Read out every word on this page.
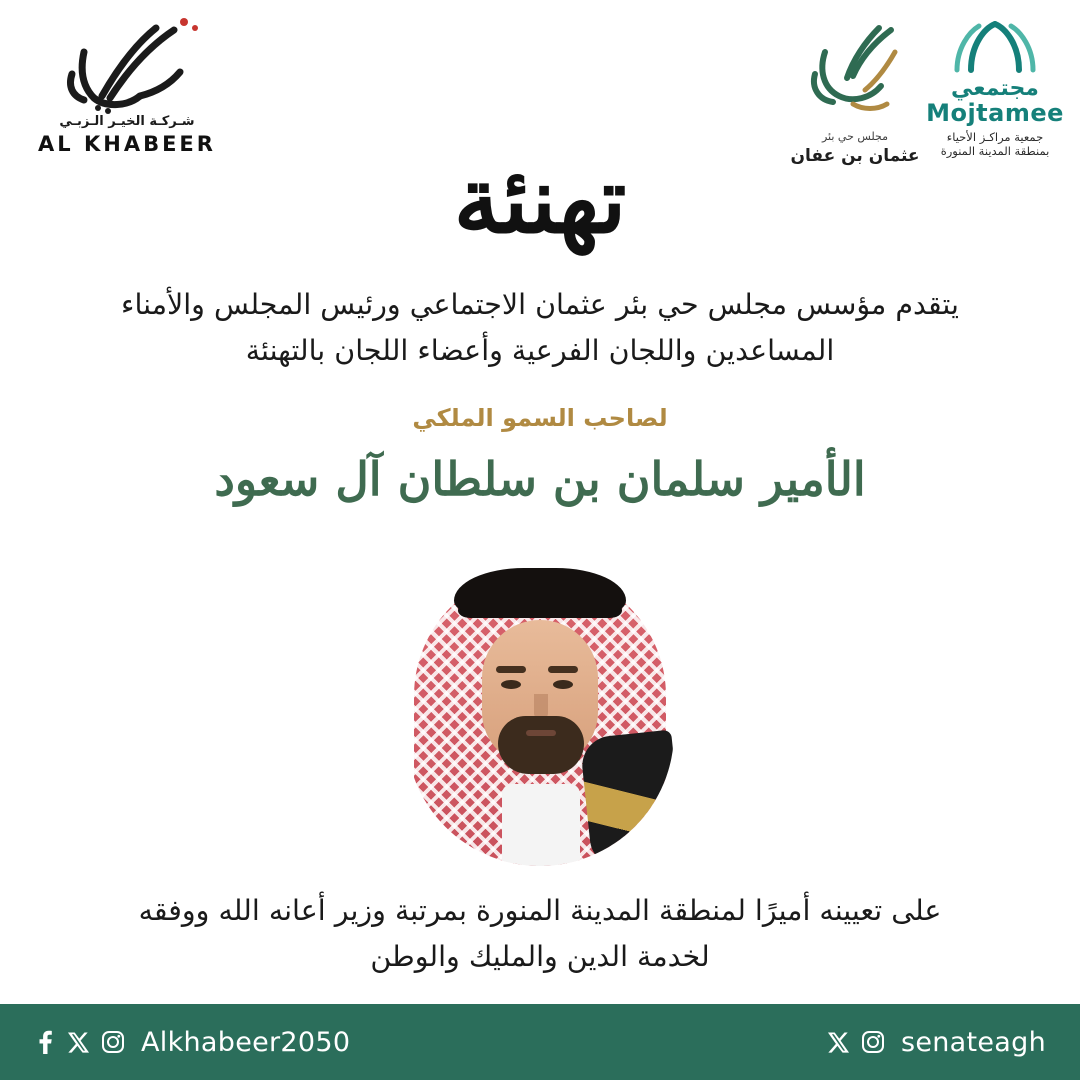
شـركـة الخيـر الـزبـي
AL KHABEER	مجلس حي بئر
عثمان بن عفان
مجتمعي
Mojtamee
جمعية مراكـز الأحياء
بمنطقة المدينة المنورة
تهنئة
يتقدم مؤسس مجلس حي بئر عثمان الاجتماعي ورئيس المجلس والأمناء المساعدين واللجان الفرعية وأعضاء اللجان بالتهنئة
لصاحب السمو الملكي
الأمير سلمان بن سلطان آل سعود
على تعيينه أميرًا لمنطقة المدينة المنورة بمرتبة وزير أعانه الله ووفقه لخدمة الدين والمليك والوطن
Alkhabeer2050	senateagh
